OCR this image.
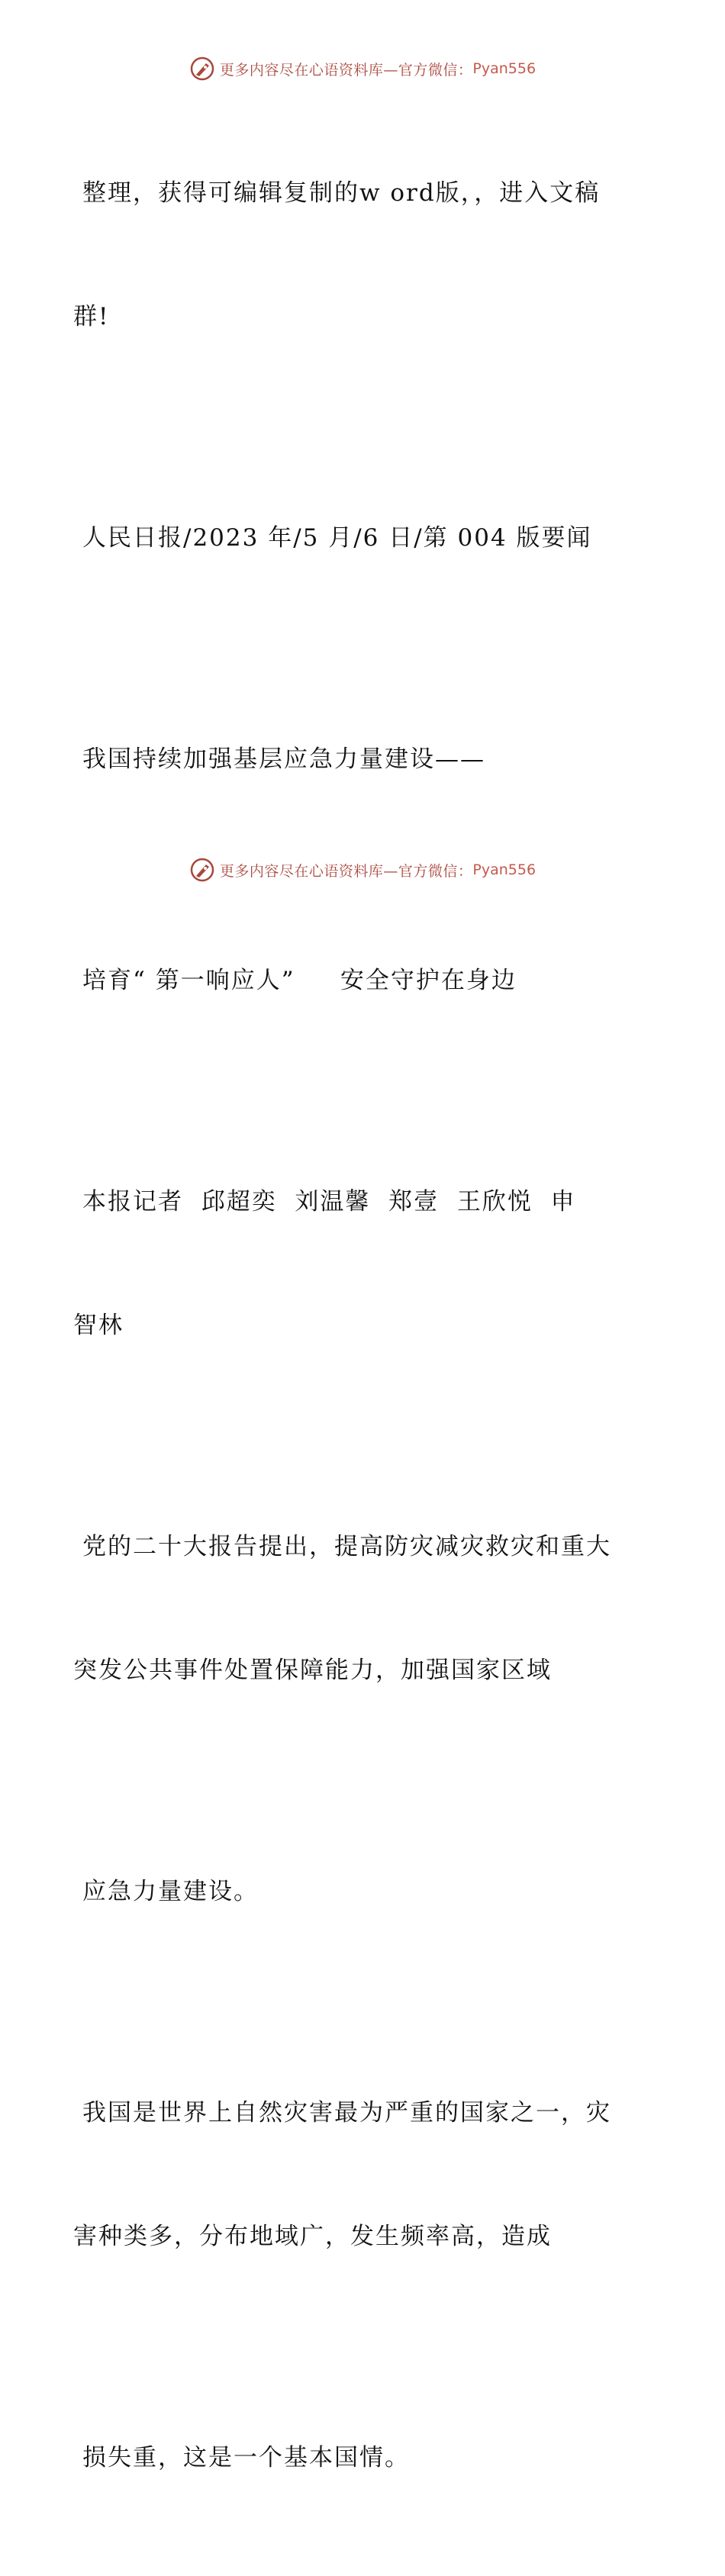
更多内容尽在心语资料库—官方微信： Pyan556

整理，获得可编辑复制的w ord版，，进入文稿

群!

人民日报/2023 年/5 月/6 日/第 004 版要闻

我国持续加强基层应急力量建设——

培育“ 第一响应人”     安全守护在身边

本报记者  邱超奕  刘温馨  郑壹  王欣悦  申

智林

党的二十大报告提出，提高防灾减灾救灾和重大

突发公共事件处置保障能力，加强国家区域

应急力量建设。

我国是世界上自然灾害最为严重的国家之一，灾

害种类多，分布地域广，发生频率高，造成

损失重，这是一个基本国情。

更多内容尽在心语资料库—官方微信： Pyan556
